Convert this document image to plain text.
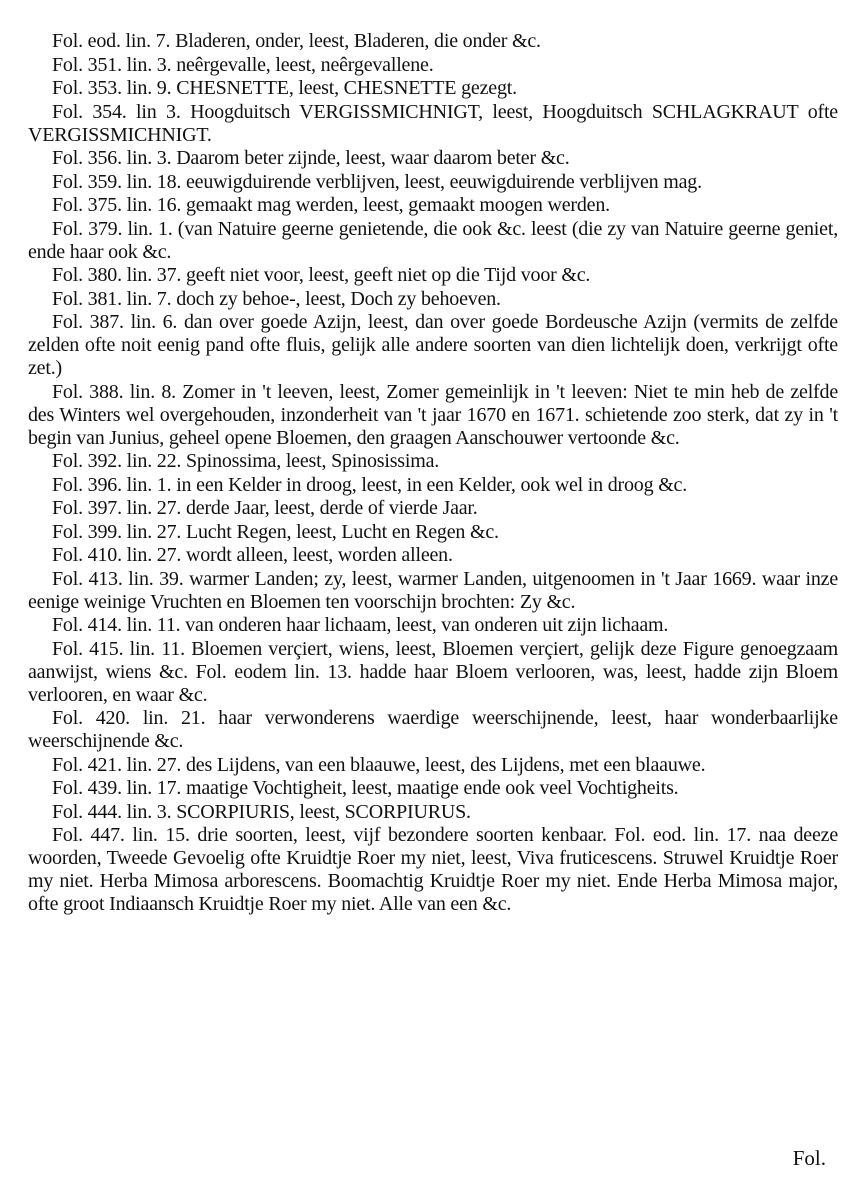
Fol. eod. lin. 7. Bladeren, onder, leest, Bladeren, die onder &c.

Fol. 351. lin. 3. neêrgevalle, leest, neêrgevallene.

Fol. 353. lin. 9. CHESNETTE, leest, CHESNETTE gezegt.

Fol. 354. lin 3. Hoogduitsch VERGISSMICHNIGT, leest, Hoogduitsch SCHLAGKRAUT ofte VERGISSMICHNIGT.

Fol. 356. lin. 3. Daarom beter zijnde, leest, waar daarom beter &c.

Fol. 359. lin. 18. eeuwigduirende verblijven, leest, eeuwigduirende verblijven mag.

Fol. 375. lin. 16. gemaakt mag werden, leest, gemaakt moogen werden.

Fol. 379. lin. 1. (van Natuire geerne genietende, die ook &c. leest (die zy van Natuire geerne geniet, ende haar ook &c.

Fol. 380. lin. 37. geeft niet voor, leest, geeft niet op die Tijd voor &c.

Fol. 381. lin. 7. doch zy behoe-, leest, Doch zy behoeven.

Fol. 387. lin. 6. dan over goede Azijn, leest, dan over goede Bordeusche Azijn (vermits de zelfde zelden ofte noit eenig pand ofte fluis, gelijk alle andere soorten van dien lichtelijk doen, verkrijgt ofte zet.)

Fol. 388. lin. 8. Zomer in 't leeven, leest, Zomer gemeinlijk in 't leeven: Niet te min heb de zelfde des Winters wel overgehouden, inzonderheit van 't jaar 1670 en 1671. schietende zoo sterk, dat zy in 't begin van Junius, geheel opene Bloemen, den graagen Aanschouwer vertoonde &c.

Fol. 392. lin. 22. Spinossima, leest, Spinosissima.

Fol. 396. lin. 1. in een Kelder in droog, leest, in een Kelder, ook wel in droog &c.

Fol. 397. lin. 27. derde Jaar, leest, derde of vierde Jaar.

Fol. 399. lin. 27. Lucht Regen, leest, Lucht en Regen &c.

Fol. 410. lin. 27. wordt alleen, leest, worden alleen.

Fol. 413. lin. 39. warmer Landen; zy, leest, warmer Landen, uitgenoomen in 't Jaar 1669. waar inze eenige weinige Vruchten en Bloemen ten voorschijn brochten: Zy &c.

Fol. 414. lin. 11. van onderen haar lichaam, leest, van onderen uit zijn lichaam.

Fol. 415. lin. 11. Bloemen verçiert, wiens, leest, Bloemen verçiert, gelijk deze Figure genoegzaam aanwijst, wiens &c. Fol. eodem lin. 13. hadde haar Bloem verlooren, was, leest, hadde zijn Bloem verlooren, en waar &c.

Fol. 420. lin. 21. haar verwonderens waerdige weerschijnende, leest, haar wonderbaarlijke weerschijnende &c.

Fol. 421. lin. 27. des Lijdens, van een blaauwe, leest, des Lijdens, met een blaauwe.

Fol. 439. lin. 17. maatige Vochtigheit, leest, maatige ende ook veel Vochtigheits.

Fol. 444. lin. 3. SCORPIURIS, leest, SCORPIURUS.

Fol. 447. lin. 15. drie soorten, leest, vijf bezondere soorten kenbaar. Fol. eod. lin. 17. naa deeze woorden, Tweede Gevoelig ofte Kruidtje Roer my niet, leest, Viva fruticescens. Struwel Kruidtje Roer my niet. Herba Mimosa arborescens. Boomachtig Kruidtje Roer my niet. Ende Herba Mimosa major, ofte groot Indiaansch Kruidtje Roer my niet. Alle van een &c.

Fol.
